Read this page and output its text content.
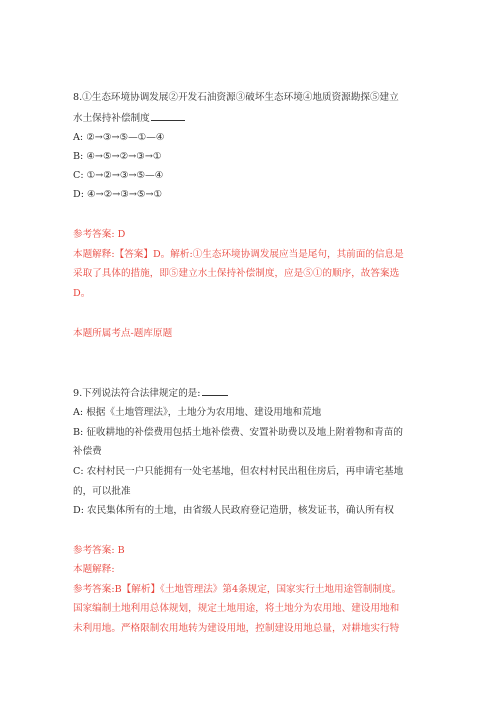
8.①生态环境协调发展②开发石油资源③破坏生态环境④地质资源勘探⑤建立
水土保持补偿制度
A: ②→③→⑤—①—④
B: ④→⑤→②→③→①
C: ①→②→③→⑤—④
D: ④→②→③→⑤→①
参考答案: D
本题解释:【答案】D。解析:①生态环境协调发展应当是尾句，其前面的信息是
采取了具体的措施，即⑤建立水土保持补偿制度，应是⑤①的顺序，故答案选
D。
本题所属考点-题库原题
9.下列说法符合法律规定的是:
A: 根据《土地管理法》，土地分为农用地、建设用地和荒地
B: 征收耕地的补偿费用包括土地补偿费、安置补助费以及地上附着物和青苗的
补偿费
C: 农村村民一户只能拥有一处宅基地，但农村村民出租住房后，再申请宅基地
的，可以批准
D: 农民集体所有的土地，由省级人民政府登记造册，核发证书，确认所有权
参考答案: B
本题解释:
参考答案:B【解析】《土地管理法》第4条规定，国家实行土地用途管制制度。
国家编制土地利用总体规划，规定土地用途，将土地分为农用地、建设用地和
未利用地。严格限制农用地转为建设用地，控制建设用地总量，对耕地实行特
